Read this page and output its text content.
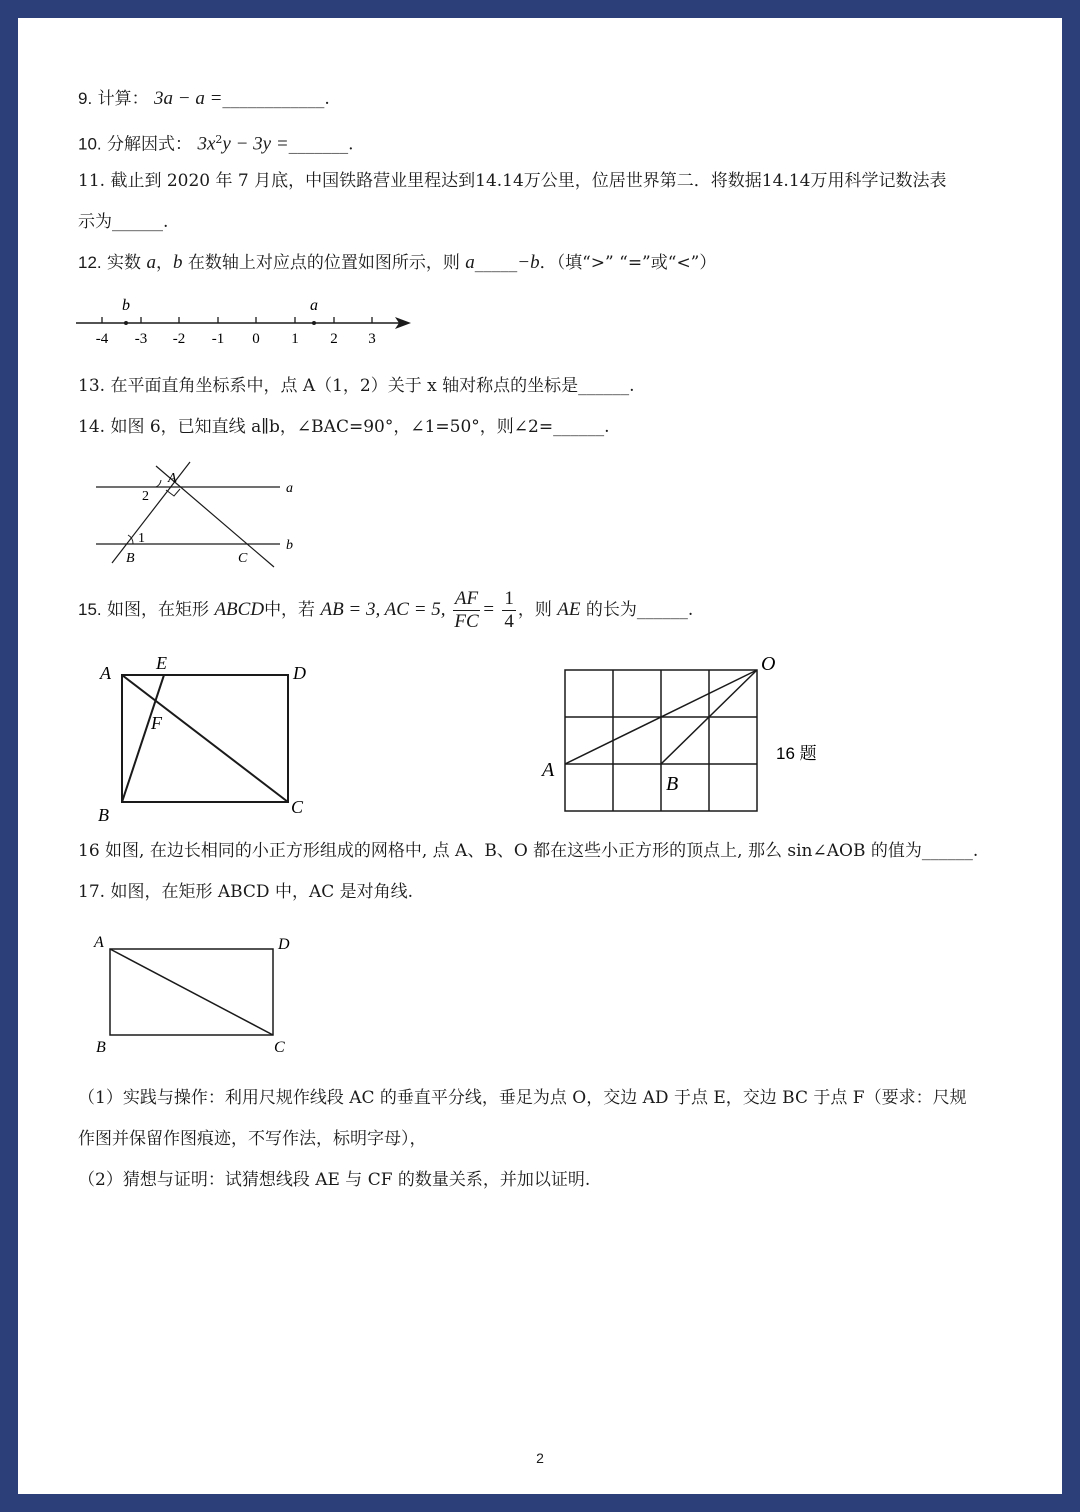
9. 计算： 3a − a =____________.
10. 分解因式： $3x^2y - 3y$ =_______.
11. 截止到 2020 年 7 月底，中国铁路营业里程达到14.14万公里，位居世界第二．将数据14.14万用科学记数法表
示为______.
12. 实数 a，b 在数轴上对应点的位置如图所示，则 a_____−b．（填“>” “=”或“<”）
-4 -3 -2 -1 0 1 2 3
b	a
13. 在平面直角坐标系中，点 A（1，2）关于 x 轴对称点的坐标是______.
14. 如图 6，已知直线 a∥b，∠BAC=90°，∠1=50°，则∠2=______.
A
2
1
B	C
a
b
15. 如图，在矩形 ABCD中，若 AB = 3, AC = 5, $\frac{AF}{FC} = \frac{1}{4}$ ，则 AE 的长为______.
A	E	D
F
B	C
O
A
B
16 题
16 如图, 在边长相同的小正方形组成的网格中, 点 A、B、O 都在这些小正方形的顶点上, 那么 sin∠AOB 的值为______.
17. 如图，在矩形 ABCD 中，AC 是对角线.
A	D
B	C
（1）实践与操作：利用尺规作线段 AC 的垂直平分线，垂足为点 O，交边 AD 于点 E，交边 BC 于点 F（要求：尺规
作图并保留作图痕迹，不写作法，标明字母），
（2）猜想与证明：试猜想线段 AE 与 CF 的数量关系，并加以证明.
2
